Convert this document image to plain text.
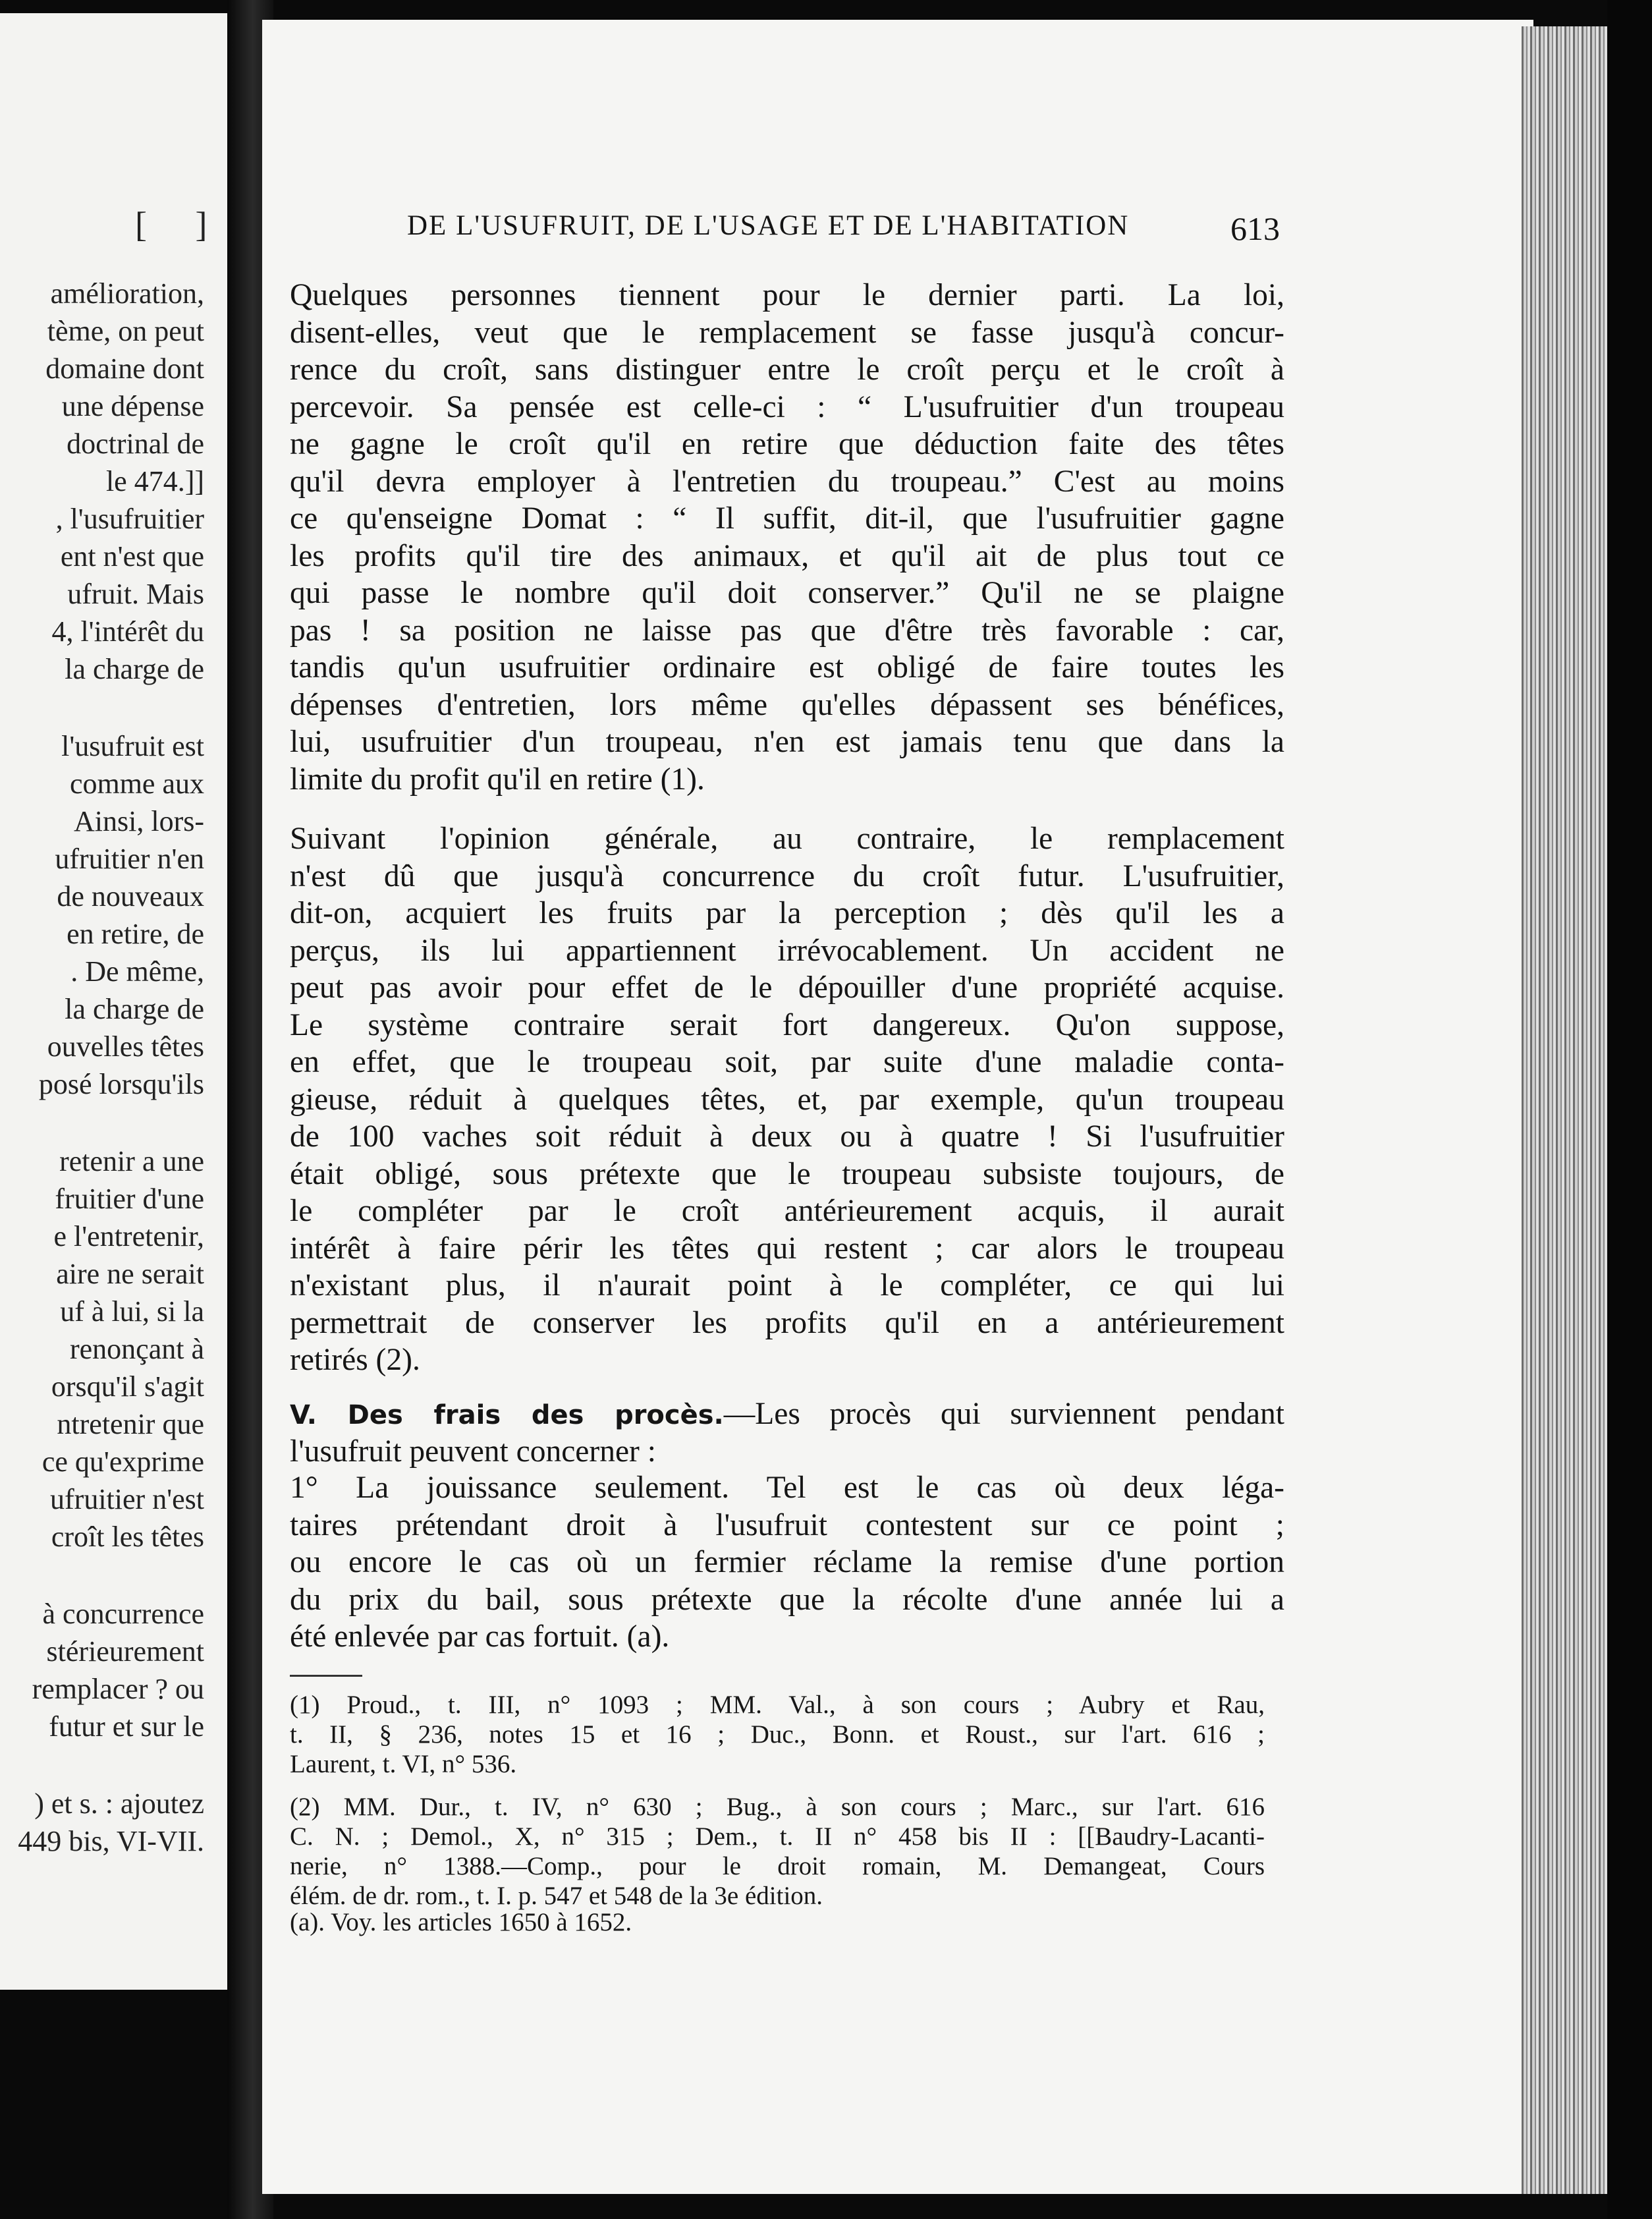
[ ]
amélioration,
tème, on peut
domaine dont
une dépense
doctrinal de
le 474.]]
, l'usufruitier
ent n'est que
ufruit. Mais
4, l'intérêt du
la charge de
l'usufruit est
comme aux
Ainsi, lors-
ufruitier n'en
de nouveaux
en retire, de
. De même,
la charge de
ouvelles têtes
posé lorsqu'ils
retenir a une
fruitier d'une
e l'entretenir,
aire ne serait
uf à lui, si la
renonçant à
orsqu'il s'agit
ntretenir que
ce qu'exprime
ufruitier n'est
croît les têtes
à concurrence
stérieurement
remplacer ? ou
futur et sur le
) et s. : ajoutez
449 bis, VI-VII.
DE L'USUFRUIT, DE L'USAGE ET DE L'HABITATION	613
Quelques personnes tiennent pour le dernier parti. La loi,
disent-elles, veut que le remplacement se fasse jusqu'à concur-
rence du croît, sans distinguer entre le croît perçu et le croît à
percevoir. Sa pensée est celle-ci : “ L'usufruitier d'un troupeau
ne gagne le croît qu'il en retire que déduction faite des têtes
qu'il devra employer à l'entretien du troupeau.” C'est au moins
ce qu'enseigne Domat : “ Il suffit, dit-il, que l'usufruitier gagne
les profits qu'il tire des animaux, et qu'il ait de plus tout ce
qui passe le nombre qu'il doit conserver.” Qu'il ne se plaigne
pas ! sa position ne laisse pas que d'être très favorable : car,
tandis qu'un usufruitier ordinaire est obligé de faire toutes les
dépenses d'entretien, lors même qu'elles dépassent ses bénéfices,
lui, usufruitier d'un troupeau, n'en est jamais tenu que dans la
limite du profit qu'il en retire (1).
Suivant l'opinion générale, au contraire, le remplacement
n'est dû que jusqu'à concurrence du croît futur. L'usufruitier,
dit-on, acquiert les fruits par la perception ; dès qu'il les a
perçus, ils lui appartiennent irrévocablement. Un accident ne
peut pas avoir pour effet de le dépouiller d'une propriété acquise.
Le système contraire serait fort dangereux. Qu'on suppose,
en effet, que le troupeau soit, par suite d'une maladie conta-
gieuse, réduit à quelques têtes, et, par exemple, qu'un troupeau
de 100 vaches soit réduit à deux ou à quatre ! Si l'usufruitier
était obligé, sous prétexte que le troupeau subsiste toujours, de
le compléter par le croît antérieurement acquis, il aurait
intérêt à faire périr les têtes qui restent ; car alors le troupeau
n'existant plus, il n'aurait point à le compléter, ce qui lui
permettrait de conserver les profits qu'il en a antérieurement
retirés (2).
V. Des frais des procès.—Les procès qui surviennent pendant
l'usufruit peuvent concerner :
1° La jouissance seulement. Tel est le cas où deux léga-
taires prétendant droit à l'usufruit contestent sur ce point ;
ou encore le cas où un fermier réclame la remise d'une portion
du prix du bail, sous prétexte que la récolte d'une année lui a
été enlevée par cas fortuit. (a).
(1) Proud., t. III, n° 1093 ; MM. Val., à son cours ; Aubry et Rau,
t. II, § 236, notes 15 et 16 ; Duc., Bonn. et Roust., sur l'art. 616 ;
Laurent, t. VI, n° 536.
(2) MM. Dur., t. IV, n° 630 ; Bug., à son cours ; Marc., sur l'art. 616
C. N. ; Demol., X, n° 315 ; Dem., t. II n° 458 bis II : [[Baudry-Lacanti-
nerie, n° 1388.—Comp., pour le droit romain, M. Demangeat, Cours
élém. de dr. rom., t. I. p. 547 et 548 de la 3e édition.
(a). Voy. les articles 1650 à 1652.
